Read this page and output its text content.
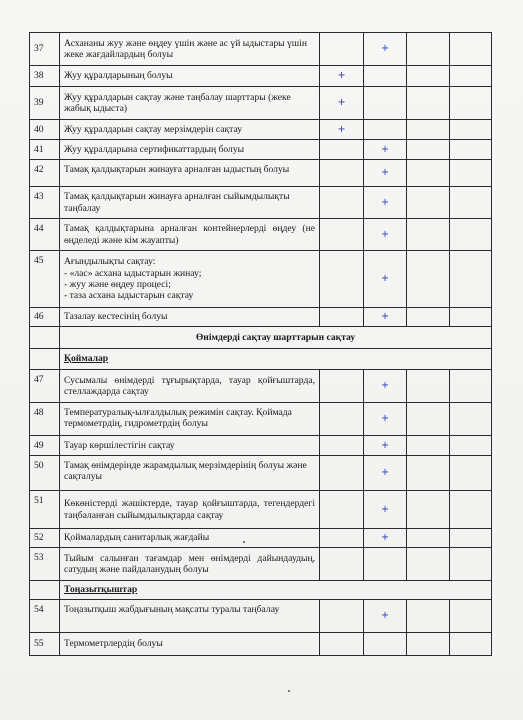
37	Асхананы жуу және өңдеу үшін және ас үй ыдыстары үшін жеке жағдайлардың болуы		+		
38	Жуу құралдарының болуы	+			
39	Жуу құралдарын сақтау және таңбалау шарттары (жеке жабық ыдыста)	+			
40	Жуу құралдарын сақтау мерзімдерін сақтау	+			
41	Жуу құралдарына сертификаттардың болуы		+		
42	Тамақ қалдықтарын жинауға арналған ыдыстың болуы		+		
43	Тамақ қалдықтарын жинауға арналған сыйымдылықты таңбалау		+		
44	Тамақ қалдықтарына арналған контейнерлерді өңдеу (не өңделеді және кім жауапты)		+		
45	Ағындылықты сақтау:
- «лас» асхана ыдыстарын жинау;
- жуу және өңдеу процесі;
- таза асхана ыдыстарын сақтау		+		
46	Тазалау кестесінің болуы		+		
	Өнімдерді сақтау шарттарын сақтау				
	Қоймалар				
47	Сусымалы өнімдерді тұғырықтарда, тауар қойғыштарда, стеллаждарда сақтау		+		
48	Температуралық-ылғалдылық режимін сақтау. Қоймада термометрдің, гидрометрдің болуы		+		
49	Тауар көршілестігін сақтау		+		
50	Тамақ өнімдерінде жарамдылық мерзімдерінің болуы және сақталуы		+		
51	Көкөністерді жәшіктерде, тауар қойғыштарда, тегендердегі таңбаланған сыйымдылықтарда сақтау		+		
52	Қоймалардың санитарлық жағдайы		+		
53	Тыйым салынған тағамдар мен өнімдерді дайындаудың, сатудың және пайдаланудың болуы				
	Тоңазытқыштар				
54	Тоңазытқыш жабдығының мақсаты туралы таңбалау		+		
55	Термометрлердің болуы				
